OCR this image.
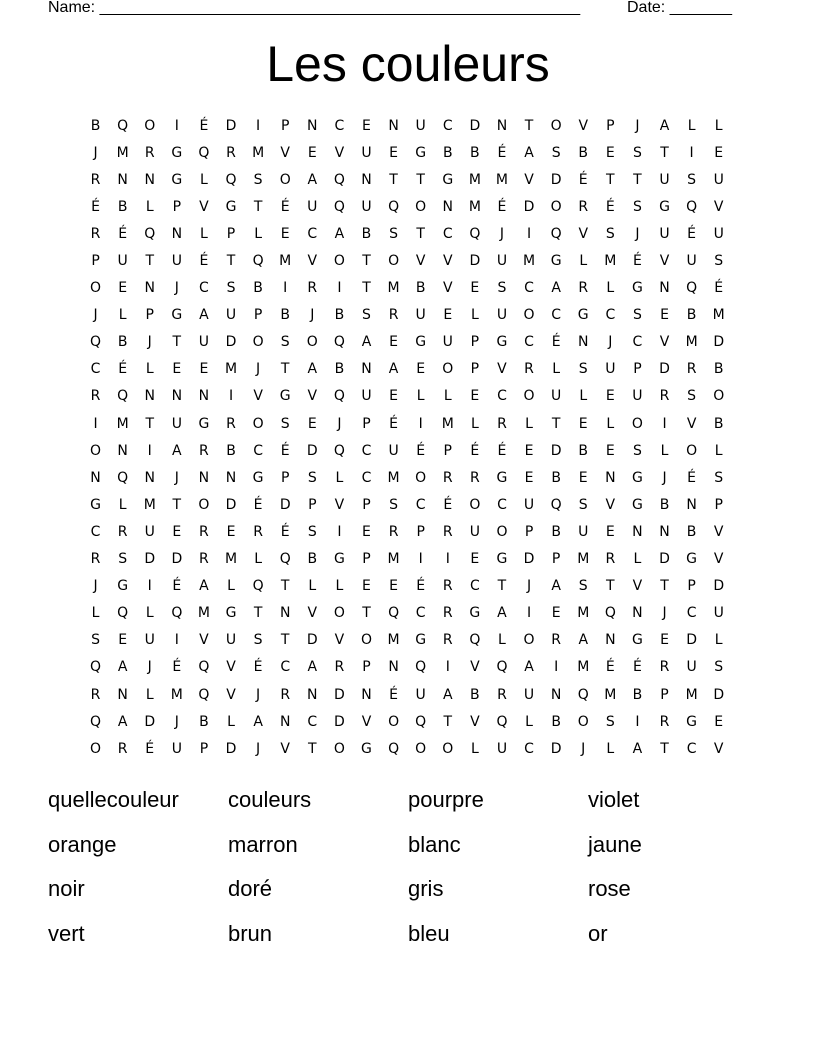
Name: ______________________________________________________	Date: _______
Les couleurs
B	Q	O	I	É	D	I	P	N	C	E	N	U	C	D	N	T	O	V	P	J	A	L	L
J	M	R	G	Q	R	M	V	E	V	U	E	G	B	B	É	A	S	B	E	S	T	I	E
R	N	N	G	L	Q	S	O	A	Q	N	T	T	G	M	M	V	D	É	T	T	U	S	U
É	B	L	P	V	G	T	É	U	Q	U	Q	O	N	M	É	D	O	R	É	S	G	Q	V
R	É	Q	N	L	P	L	E	C	A	B	S	T	C	Q	J	I	Q	V	S	J	U	É	U
P	U	T	U	É	T	Q	M	V	O	T	O	V	V	D	U	M	G	L	M	É	V	U	S
O	E	N	J	C	S	B	I	R	I	T	M	B	V	E	S	C	A	R	L	G	N	Q	É
J	L	P	G	A	U	P	B	J	B	S	R	U	E	L	U	O	C	G	C	S	E	B	M
Q	B	J	T	U	D	O	S	O	Q	A	E	G	U	P	G	C	É	N	J	C	V	M	D
C	É	L	E	E	M	J	T	A	B	N	A	E	O	P	V	R	L	S	U	P	D	R	B
R	Q	N	N	N	I	V	G	V	Q	U	E	L	L	E	C	O	U	L	E	U	R	S	O
I	M	T	U	G	R	O	S	E	J	P	É	I	M	L	R	L	T	E	L	O	I	V	B
O	N	I	A	R	B	C	É	D	Q	C	U	É	P	É	É	E	D	B	E	S	L	O	L
N	Q	N	J	N	N	G	P	S	L	C	M	O	R	R	G	E	B	E	N	G	J	É	S
G	L	M	T	O	D	É	D	P	V	P	S	C	É	O	C	U	Q	S	V	G	B	N	P
C	R	U	E	R	E	R	É	S	I	E	R	P	R	U	O	P	B	U	E	N	N	B	V
R	S	D	D	R	M	L	Q	B	G	P	M	I	I	E	G	D	P	M	R	L	D	G	V
J	G	I	É	A	L	Q	T	L	L	E	E	É	R	C	T	J	A	S	T	V	T	P	D
L	Q	L	Q	M	G	T	N	V	O	T	Q	C	R	G	A	I	E	M	Q	N	J	C	U
S	E	U	I	V	U	S	T	D	V	O	M	G	R	Q	L	O	R	A	N	G	E	D	L
Q	A	J	É	Q	V	É	C	A	R	P	N	Q	I	V	Q	A	I	M	É	É	R	U	S
R	N	L	M	Q	V	J	R	N	D	N	É	U	A	B	R	U	N	Q	M	B	P	M	D
Q	A	D	J	B	L	A	N	C	D	V	O	Q	T	V	Q	L	B	O	S	I	R	G	E
O	R	É	U	P	D	J	V	T	O	G	Q	O	O	L	U	C	D	J	L	A	T	C	V
quellecouleur	couleurs	pourpre	violet
orange	marron	blanc	jaune
noir	doré	gris	rose
vert	brun	bleu	or
